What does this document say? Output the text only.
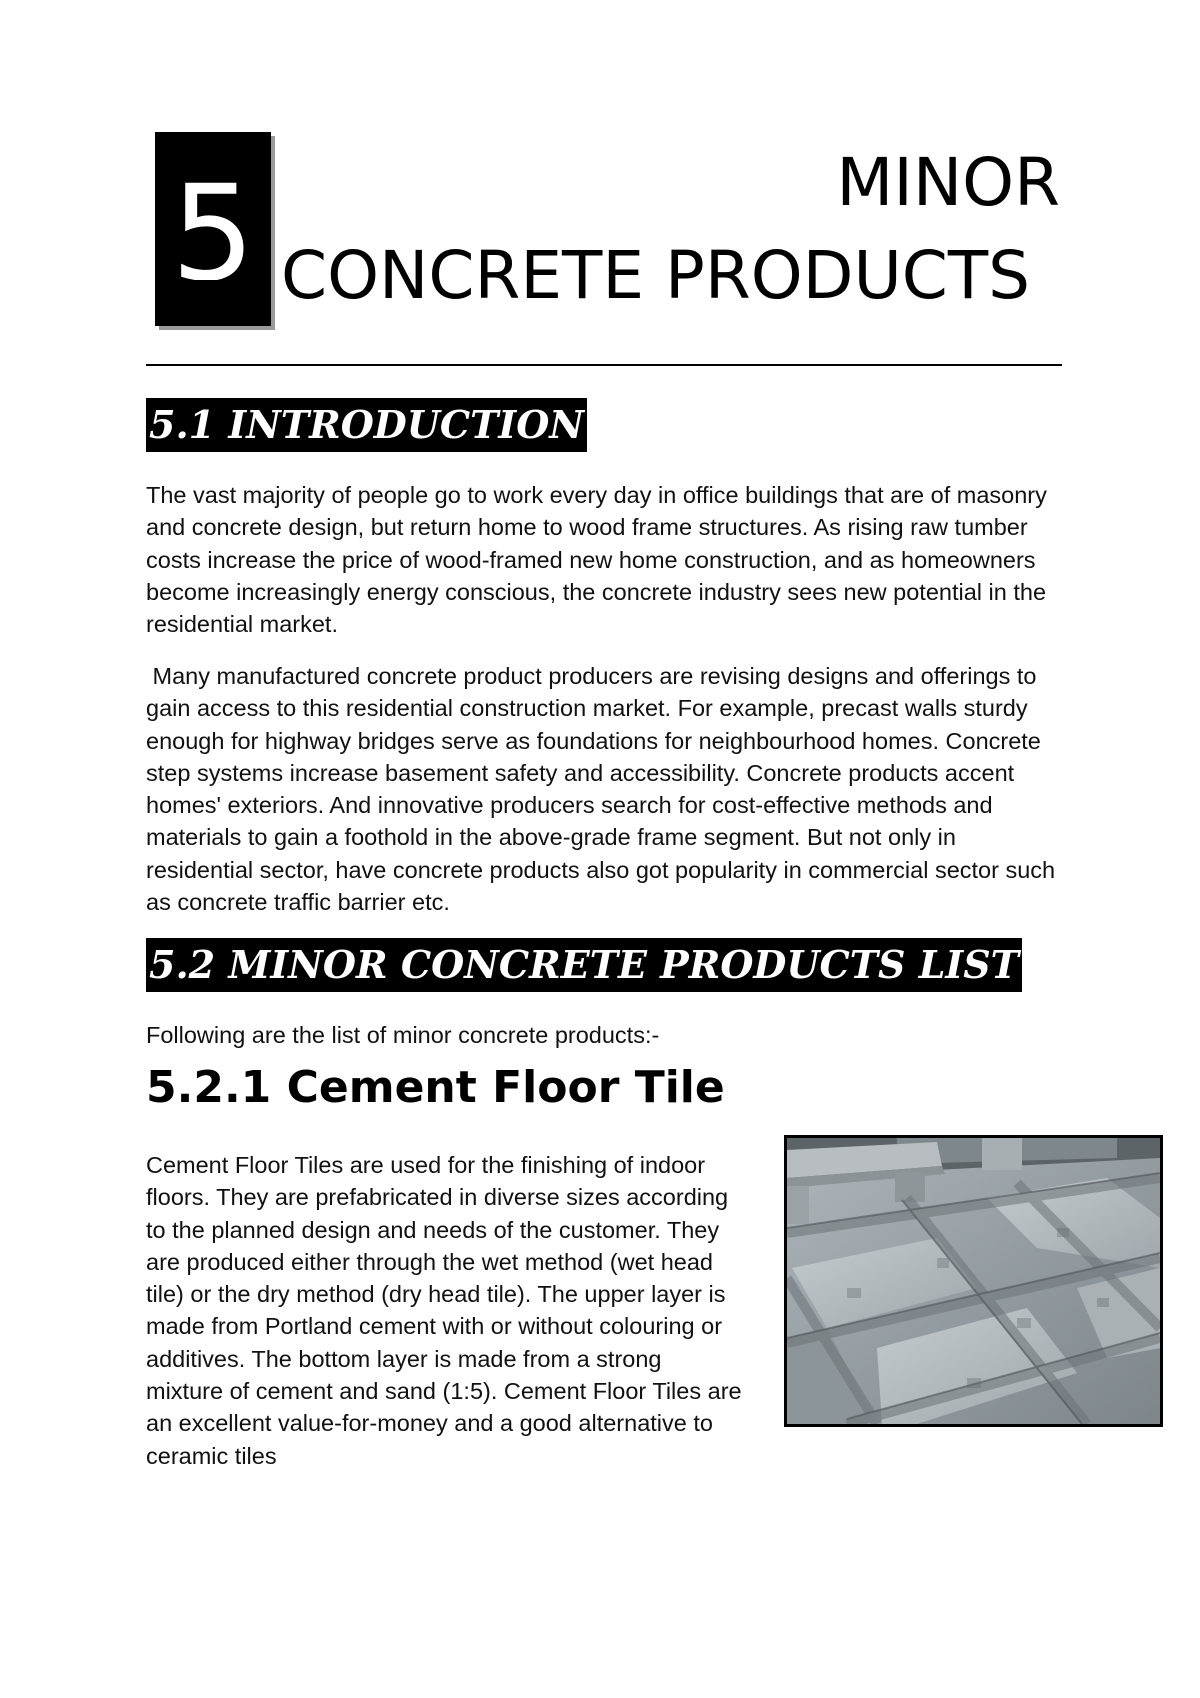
5	MINOR
CONCRETE PRODUCTS
5.1 INTRODUCTION

The vast majority of people go to work every day in office buildings that are of masonry and concrete design, but return home to wood frame structures. As rising raw tumber costs increase the price of wood-framed new home construction, and as homeowners become increasingly energy conscious, the concrete industry sees new potential in the residential market.

Many manufactured concrete product producers are revising designs and offerings to gain access to this residential construction market. For example, precast walls sturdy enough for highway bridges serve as foundations for neighbourhood homes. Concrete step systems increase basement safety and accessibility. Concrete products accent homes' exteriors. And innovative producers search for cost-effective methods and materials to gain a foothold in the above-grade frame segment. But not only in residential sector, have concrete products also got popularity in commercial sector such as concrete traffic barrier etc.

5.2 MINOR CONCRETE PRODUCTS LIST

Following are the list of minor concrete products:-

5.2.1 Cement Floor Tile
Cement Floor Tiles are used for the finishing of indoor
floors. They are prefabricated in diverse sizes according
to the planned design and needs of the customer. They
are produced either through the wet method (wet head
tile) or the dry method (dry head tile). The upper layer is
made from Portland cement with or without colouring or
additives. The bottom layer is made from a strong
mixture of cement and sand (1:5). Cement Floor Tiles are
an excellent value-for-money and a good alternative to
ceramic tiles
